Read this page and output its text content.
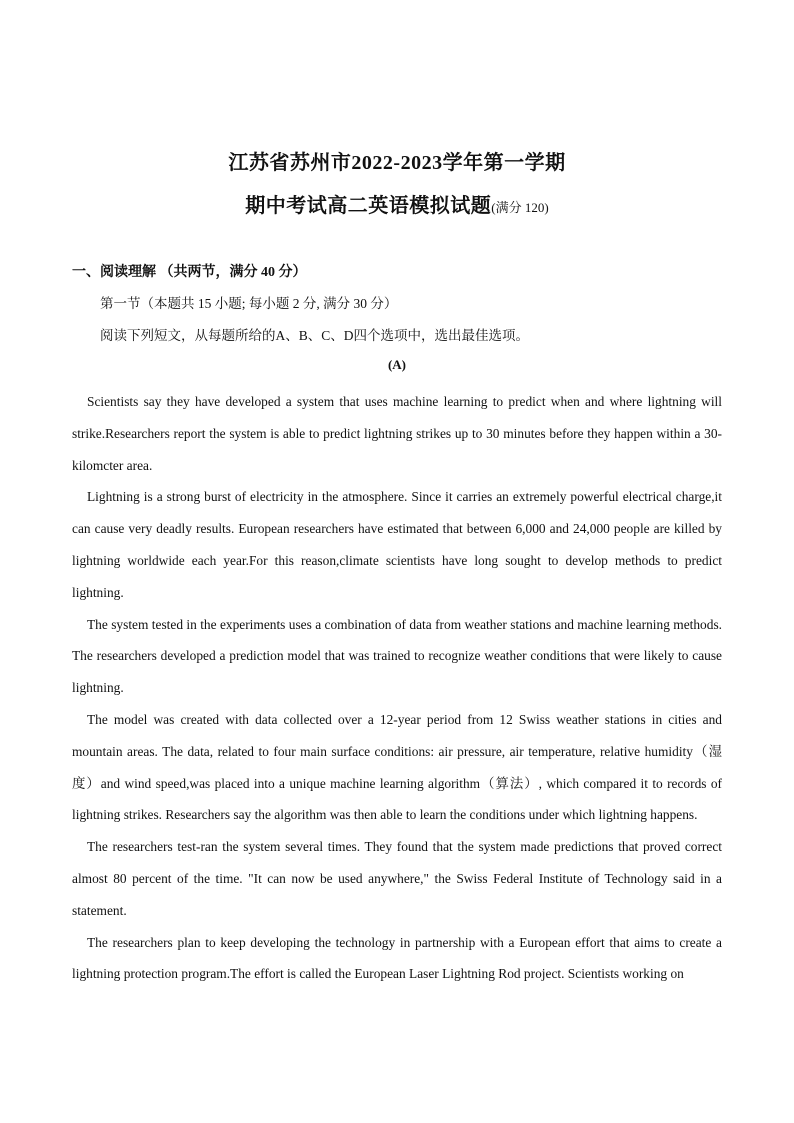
江苏省苏州市2022-2023学年第一学期
期中考试高二英语模拟试题(满分 120)
一、阅读理解 （共两节，满分 40 分）
第一节（本题共 15 小题; 每小题 2 分, 满分 30 分）
阅读下列短文，从每题所给的A、B、C、D四个选项中，选出最佳选项。
(A)

Scientists say they have developed a system that uses machine learning to predict when and where lightning will strike.Researchers report the system is able to predict lightning strikes up to 30 minutes before they happen within a 30-kilomcter area.

Lightning is a strong burst of electricity in the atmosphere. Since it carries an extremely powerful electrical charge,it can cause very deadly results. European researchers have estimated that between 6,000 and 24,000 people are killed by lightning worldwide each year.For this reason,climate scientists have long sought to develop methods to predict lightning.

The system tested in the experiments uses a combination of data from weather stations and machine learning methods. The researchers developed a prediction model that was trained to recognize weather conditions that were likely to cause lightning.

The model was created with data collected over a 12-year period from 12 Swiss weather stations in cities and mountain areas. The data, related to four main surface conditions: air pressure, air temperature, relative humidity（湿度）and wind speed,was placed into a unique machine learning algorithm（算法）, which compared it to records of lightning strikes. Researchers say the algorithm was then able to learn the conditions under which lightning happens.

The researchers test-ran the system several times. They found that the system made predictions that proved correct almost 80 percent of the time. "It can now be used anywhere," the Swiss Federal Institute of Technology said in a statement.

The researchers plan to keep developing the technology in partnership with a European effort that aims to create a lightning protection program.The effort is called the European Laser Lightning Rod project. Scientists working on
